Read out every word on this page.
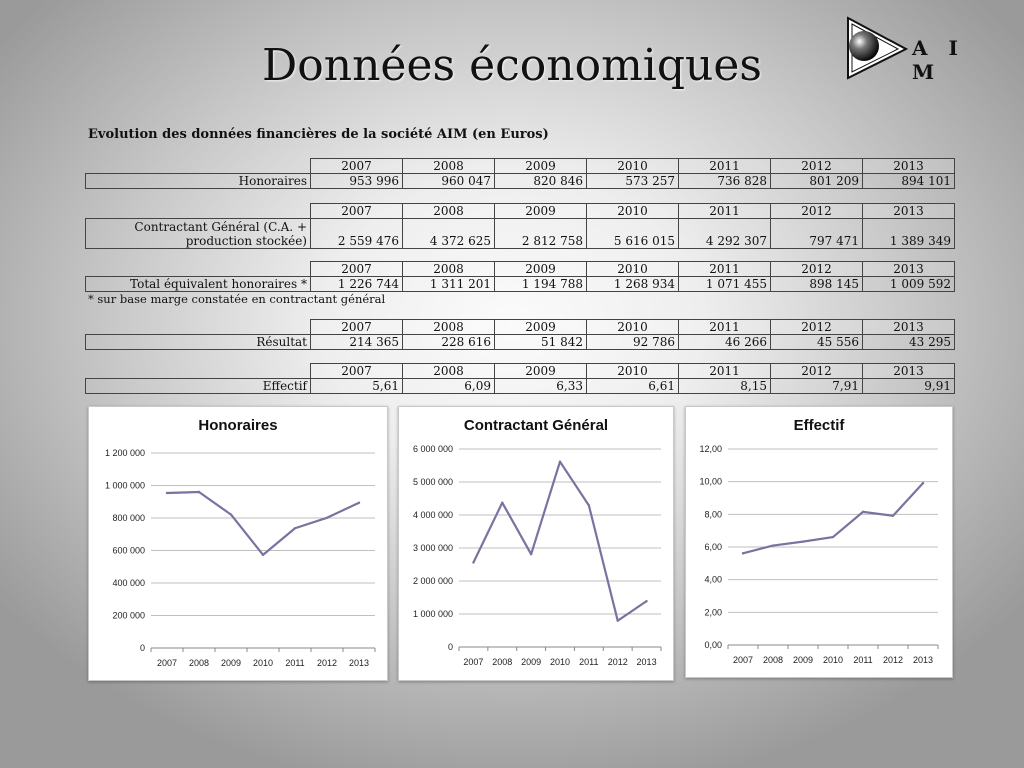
Données économiques	A I M
Evolution des données financières de la société AIM (en Euros)
	2007	2008	2009	2010	2011	2012	2013
Honoraires	953 996	960 047	820 846	573 257	736 828	801 209	894 101
	2007	2008	2009	2010	2011	2012	2013

Contractant Général (C.A. +
production stockée)	2 559 476	4 372 625	2 812 758	5 616 015	4 292 307	797 471	1 389 349
	2007	2008	2009	2010	2011	2012	2013
Total équivalent honoraires *	1 226 744	1 311 201	1 194 788	1 268 934	1 071 455	898 145	1 009 592
* sur base marge constatée en contractant général
	2007	2008	2009	2010	2011	2012	2013
Résultat	214 365	228 616	51 842	92 786	46 266	45 556	43 295
	2007	2008	2009	2010	2011	2012	2013
Effectif	5,61	6,09	6,33	6,61	8,15	7,91	9,91
Honoraires
0
200 000
400 000
600 000
800 000
1 000 000
1 200 000
2007 2008 2009 2010 2011 2012 2013
Contractant Général
0
1 000 000
2 000 000
3 000 000
4 000 000
5 000 000
6 000 000
2007 2008 2009 2010 2011 2012 2013
Effectif
0,00
2,00
4,00
6,00
8,00
10,00
12,00
2007 2008 2009 2010 2011 2012 2013
